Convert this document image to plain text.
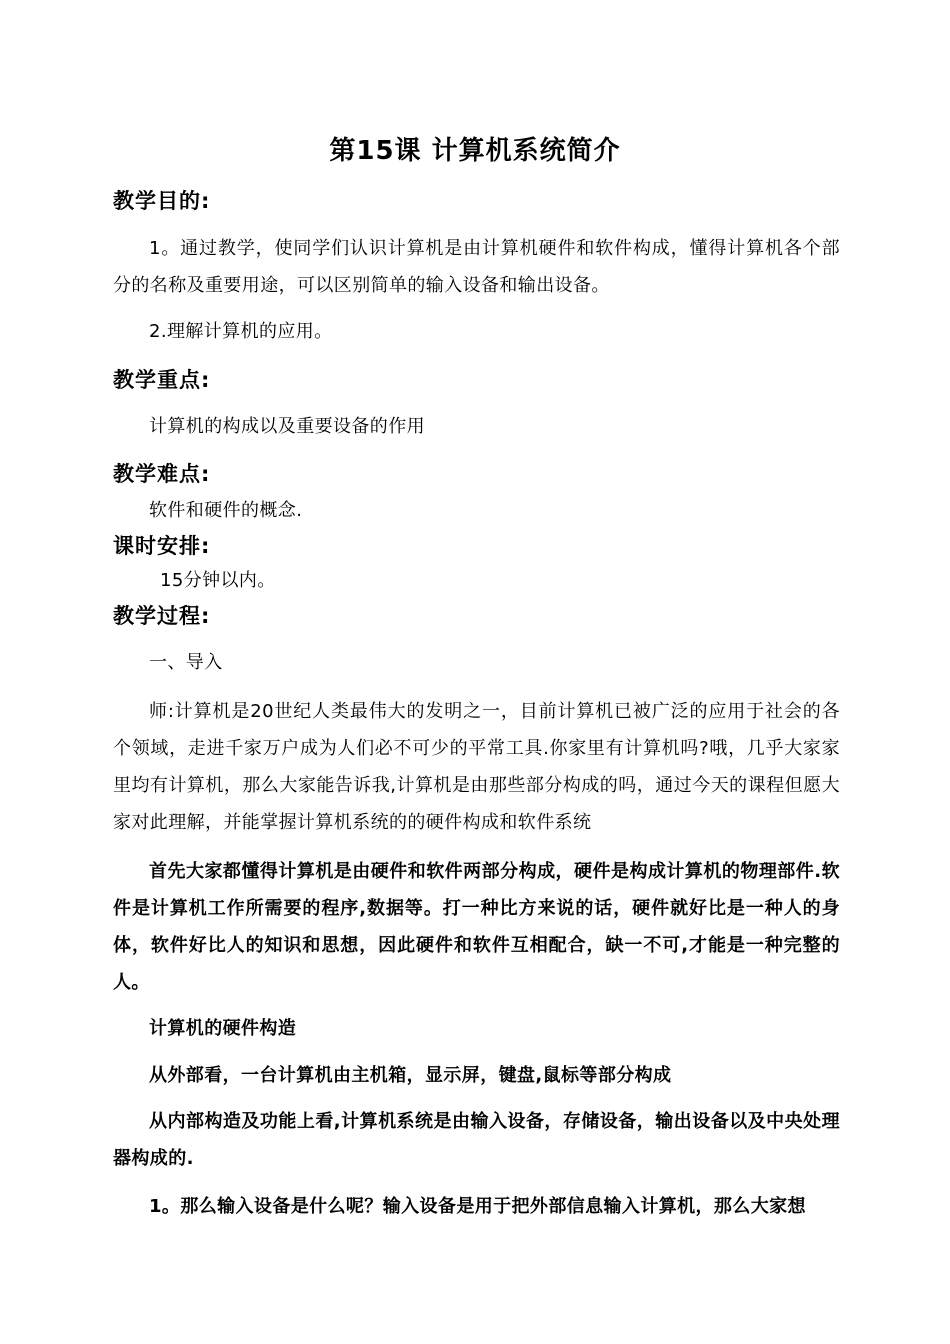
第15课 计算机系统简介
教学目的:

1。通过教学，使同学们认识计算机是由计算机硬件和软件构成，懂得计算机各个部分的名称及重要用途，可以区别简单的输入设备和输出设备。

2.理解计算机的应用。

教学重点:

计算机的构成以及重要设备的作用

教学难点:

软件和硬件的概念.

课时安排:

15分钟以内。

教学过程:

一、导入

师:计算机是20世纪人类最伟大的发明之一，目前计算机已被广泛的应用于社会的各个领域，走进千家万户成为人们必不可少的平常工具.你家里有计算机吗?哦，几乎大家家里均有计算机，那么大家能告诉我,计算机是由那些部分构成的吗，通过今天的课程但愿大家对此理解，并能掌握计算机系统的的硬件构成和软件系统

首先大家都懂得计算机是由硬件和软件两部分构成，硬件是构成计算机的物理部件.软件是计算机工作所需要的程序,数据等。打一种比方来说的话，硬件就好比是一种人的身体，软件好比人的知识和思想，因此硬件和软件互相配合，缺一不可,才能是一种完整的人。

计算机的硬件构造

从外部看，一台计算机由主机箱，显示屏，键盘,鼠标等部分构成

从内部构造及功能上看,计算机系统是由输入设备，存储设备，输出设备以及中央处理器构成的.

1。那么输入设备是什么呢？输入设备是用于把外部信息输入计算机，那么大家想
